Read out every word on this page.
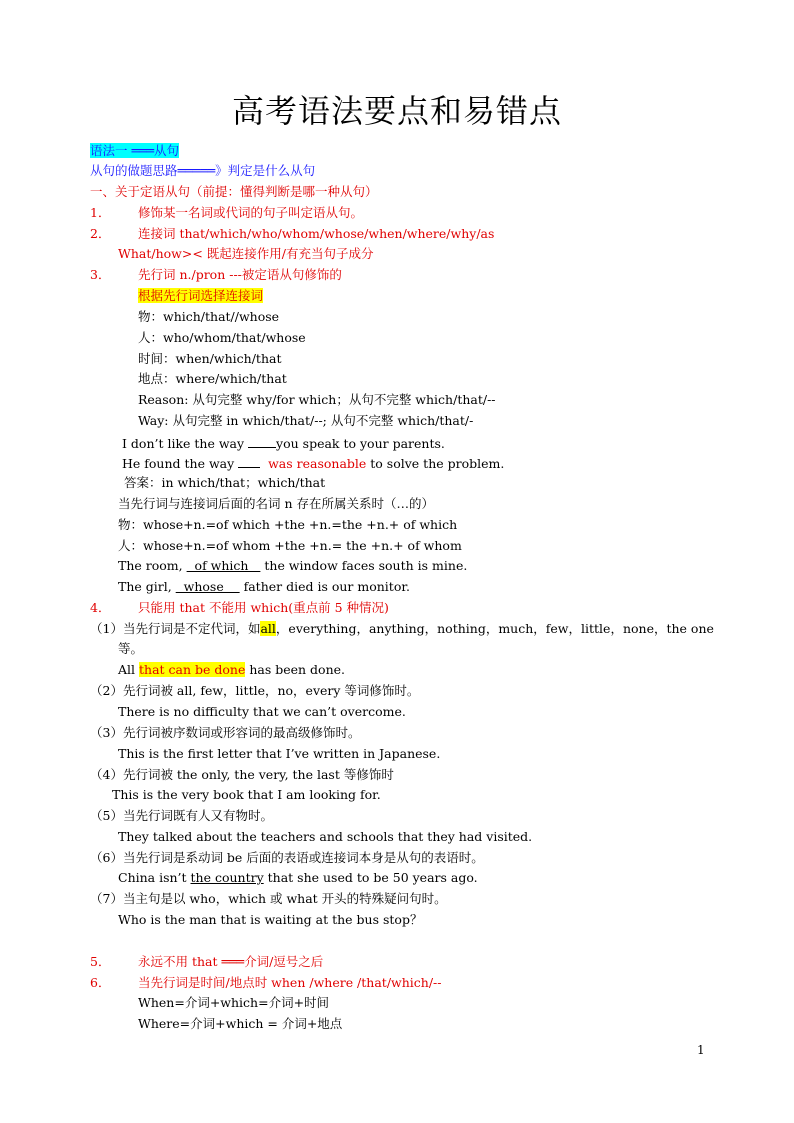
高考语法要点和易错点
语法一 ═══从句
从句的做题思路═════》判定是什么从句
一、关于定语从句（前提：懂得判断是哪一种从句）
1． 修饰某一名词或代词的句子叫定语从句。
2． 连接词 that/which/who/whom/whose/when/where/why/as
What/how>< 既起连接作用/有充当句子成分
3． 先行词 n./pron ---被定语从句修饰的
根据先行词选择连接词
物：which/that//whose
人：who/whom/that/whose
时间：when/which/that
地点：where/which/that
Reason: 从句完整 why/for which；从句不完整 which/that/--
Way: 从句完整 in which/that/--; 从句不完整 which/that/-
I don’t like the way you speak to your parents.
He found the way   was reasonable to solve the problem.
答案：in which/that；which/that
当先行词与连接词后面的名词 n 存在所属关系时（…的）
物：whose+n.=of which +the +n.=the +n.+ of which
人：whose+n.=of whom +the +n.= the +n.+ of whom
The room,   of which    the window faces south is mine.
The girl,   whose     father died is our monitor.
4． 只能用 that 不能用 which(重点前 5 种情况)
（1）当先行词是不定代词，如all，everything，anything，nothing，much，few，little，none，the one
等。
All that can be done has been done.
（2）先行词被 all, few，little，no，every 等词修饰时。
There is no difficulty that we can’t overcome.
（3）先行词被序数词或形容词的最高级修饰时。
This is the first letter that I’ve written in Japanese.
（4）先行词被 the only, the very, the last 等修饰时
This is the very book that I am looking for.
（5）当先行词既有人又有物时。
They talked about the teachers and schools that they had visited.
（6）当先行词是系动词 be 后面的表语或连接词本身是从句的表语时。
China isn’t the country that she used to be 50 years ago.
（7）当主句是以 who，which 或 what 开头的特殊疑问句时。
Who is the man that is waiting at the bus stop？
5． 永远不用 that ═══介词/逗号之后
6． 当先行词是时间/地点时 when /where /that/which/--
When=介词+which=介词+时间
Where=介词+which = 介词+地点
1
